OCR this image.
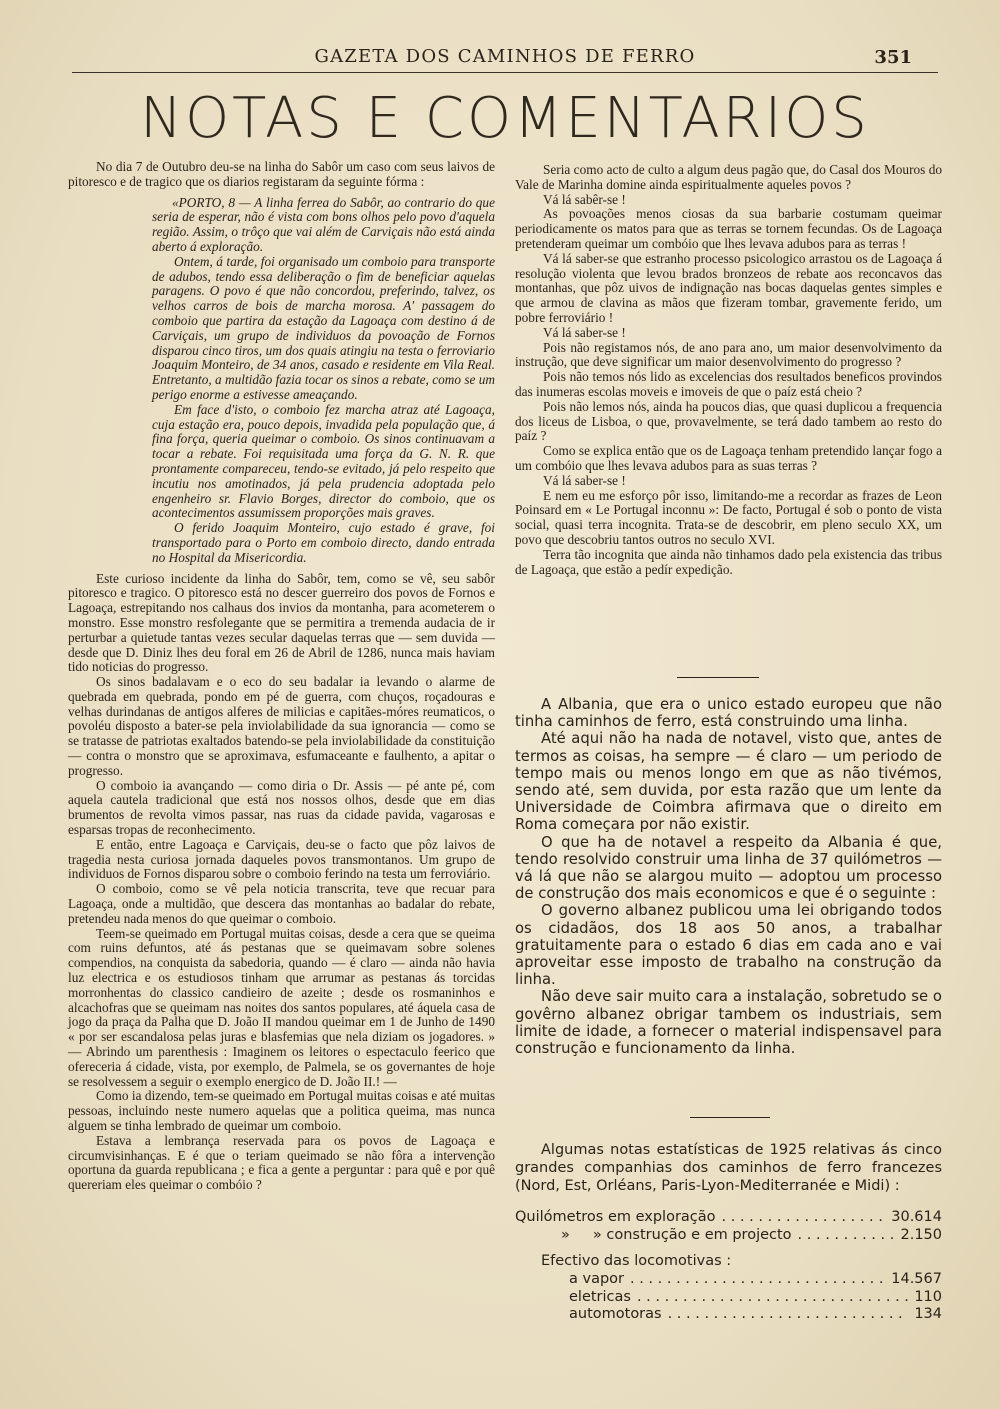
GAZETA DOS CAMINHOS DE FERRO	351
NOTAS E COMENTARIOS

No dia 7 de Outubro deu-se na linha do Sabôr um caso com seus laivos de pitoresco e de tragico que os diarios registaram da seguinte fórma :

«PORTO, 8 — A linha ferrea do Sabôr, ao contrario do que seria de esperar, não é vista com bons olhos pelo povo d'aquela região. Assim, o trôço que vai além de Carviçais não está ainda aberto á exploração.

Ontem, á tarde, foi organisado um comboio para transporte de adubos, tendo essa deliberação o fim de beneficiar aquelas paragens. O povo é que não concordou, preferindo, talvez, os velhos carros de bois de marcha morosa. A' passagem do comboio que partira da estação da Lagoaça com destino á de Carviçais, um grupo de individuos da povoação de Fornos disparou cinco tiros, um dos quais atingiu na testa o ferroviario Joaquim Monteiro, de 34 anos, casado e residente em Vila Real. Entretanto, a multidão fazia tocar os sinos a rebate, como se um perigo enorme a estivesse ameaçando.

Em face d'isto, o comboio fez marcha atraz até Lagoaça, cuja estação era, pouco depois, invadida pela população que, á fina força, queria queimar o comboio. Os sinos continuavam a tocar a rebate. Foi requisitada uma força da G. N. R. que prontamente compareceu, tendo-se evitado, já pelo respeito que incutiu nos amotinados, já pela prudencia adoptada pelo engenheiro sr. Flavio Borges, director do comboio, que os acontecimentos assumissem proporções mais graves.

O ferido Joaquim Monteiro, cujo estado é grave, foi transportado para o Porto em comboio directo, dando entrada no Hospital da Misericordia.

Este curioso incidente da linha do Sabôr, tem, como se vê, seu sabôr pitoresco e tragico. O pitoresco está no descer guerreiro dos povos de Fornos e Lagoaça, estrepitando nos calhaus dos invios da montanha, para acometerem o monstro. Esse monstro resfolegante que se permitira a tremenda audacia de ir perturbar a quietude tantas vezes secular daquelas terras que — sem duvida — desde que D. Diniz lhes deu foral em 26 de Abril de 1286, nunca mais haviam tido noticias do progresso.

Os sinos badalavam e o eco do seu badalar ia levando o alarme de quebrada em quebrada, pondo em pé de guerra, com chuços, roçadouras e velhas durindanas de antigos alferes de milicias e capitães-móres reumaticos, o povoléu disposto a bater-se pela inviolabilidade da sua ignorancia — como se se tratasse de patriotas exaltados batendo-se pela inviolabilidade da constituição — contra o monstro que se aproximava, esfumaceante e faulhento, a apitar o progresso.

O comboio ia avançando — como diria o Dr. Assis — pé ante pé, com aquela cautela tradicional que está nos nossos olhos, desde que em dias brumentos de revolta vimos passar, nas ruas da cidade pavida, vagarosas e esparsas tropas de reconhecimento.

E então, entre Lagoaça e Carviçais, deu-se o facto que pôz laivos de tragedia nesta curiosa jornada daqueles povos transmontanos. Um grupo de individuos de Fornos disparou sobre o comboio ferindo na testa um ferroviário.

O comboio, como se vê pela noticia transcrita, teve que recuar para Lagoaça, onde a multidão, que descera das montanhas ao badalar do rebate, pretendeu nada menos do que queimar o comboio.

Teem-se queimado em Portugal muitas coisas, desde a cera que se queima com ruins defuntos, até ás pestanas que se queimavam sobre solenes compendios, na conquista da sabedoria, quando — é claro — ainda não havia luz electrica e os estudiosos tinham que arrumar as pestanas ás torcidas morronhentas do classico candieiro de azeite ; desde os rosmaninhos e alcachofras que se queimam nas noites dos santos populares, até áquela casa de jogo da praça da Palha que D. João II mandou queimar em 1 de Junho de 1490 « por ser escandalosa pelas juras e blasfemias que nela diziam os jogadores. » — Abrindo um parenthesis : Imaginem os leitores o espectaculo feerico que ofereceria á cidade, vista, por exemplo, de Palmela, se os governantes de hoje se resolvessem a seguir o exemplo energico de D. João II.! —

Como ia dizendo, tem-se queimado em Portugal muitas coisas e até muitas pessoas, incluindo neste numero aquelas que a politica queima, mas nunca alguem se tinha lembrado de queimar um comboio.

Estava a lembrança reservada para os povos de Lagoaça e circumvisinhanças. E é que o teriam queimado se não fôra a intervenção oportuna da guarda republicana ; e fica a gente a perguntar : para quê e por quê quereriam eles queimar o combóio ?

Seria como acto de culto a algum deus pagão que, do Casal dos Mouros do Vale de Marinha domine ainda espiritualmente aqueles povos ?

Vá lá sabêr-se !

As povoações menos ciosas da sua barbarie costumam queimar periodicamente os matos para que as terras se tornem fecundas. Os de Lagoaça pretenderam queimar um combóio que lhes levava adubos para as terras !

Vá lá saber-se que estranho processo psicologico arrastou os de Lagoaça á resolução violenta que levou brados bronzeos de rebate aos reconcavos das montanhas, que pôz uivos de indignação nas bocas daquelas gentes simples e que armou de clavina as mãos que fizeram tombar, gravemente ferido, um pobre ferroviário !

Vá lá saber-se !

Pois não registamos nós, de ano para ano, um maior desenvolvimento da instrução, que deve significar um maior desenvolvimento do progresso ?

Pois não temos nós lido as excelencias dos resultados beneficos provindos das inumeras escolas moveis e imoveis de que o paíz está cheio ?

Pois não lemos nós, ainda ha poucos dias, que quasi duplicou a frequencia dos liceus de Lisboa, o que, provavelmente, se terá dado tambem ao resto do paíz ?

Como se explica então que os de Lagoaça tenham pretendido lançar fogo a um combóio que lhes levava adubos para as suas terras ?

Vá lá saber-se !

E nem eu me esforço pôr isso, limitando-me a recordar as frazes de Leon Poinsard em « Le Portugal inconnu »: De facto, Portugal é sob o ponto de vista social, quasi terra incognita. Trata-se de descobrir, em pleno seculo XX, um povo que descobriu tantos outros no seculo XVI.

Terra tão incognita que ainda não tinhamos dado pela existencia das tribus de Lagoaça, que estão a pedír expedição.

A Albania, que era o unico estado europeu que não tinha caminhos de ferro, está construindo uma linha.

Até aqui não ha nada de notavel, visto que, antes de termos as coisas, ha sempre — é claro — um periodo de tempo mais ou menos longo em que as não tivémos, sendo até, sem duvida, por esta razão que um lente da Universidade de Coimbra afirmava que o direito em Roma começara por não existir.

O que ha de notavel a respeito da Albania é que, tendo resolvido construir uma linha de 37 quilómetros — vá lá que não se alargou muito — adoptou um processo de construção dos mais economicos e que é o seguinte :

O governo albanez publicou uma lei obrigando todos os cidadãos, dos 18 aos 50 anos, a trabalhar gratuitamente para o estado 6 dias em cada ano e vai aproveitar esse imposto de trabalho na construção da linha.

Não deve sair muito cara a instalação, sobretudo se o govêrno albanez obrigar tambem os industriais, sem limite de idade, a fornecer o material indispensavel para construção e funcionamento da linha.

Algumas notas estatísticas de 1925 relativas ás cinco grandes companhias dos caminhos de ferro francezes (Nord, Est, Orléans, Paris-Lyon-Mediterranée e Midi) :

Quilómetros em exploração . . .	30.614
»     » construção e em projecto . . .	2.150
Efectivo das locomotivas :
a vapor . . .	14.567
eletricas . . .	110
automotoras . . .	134
